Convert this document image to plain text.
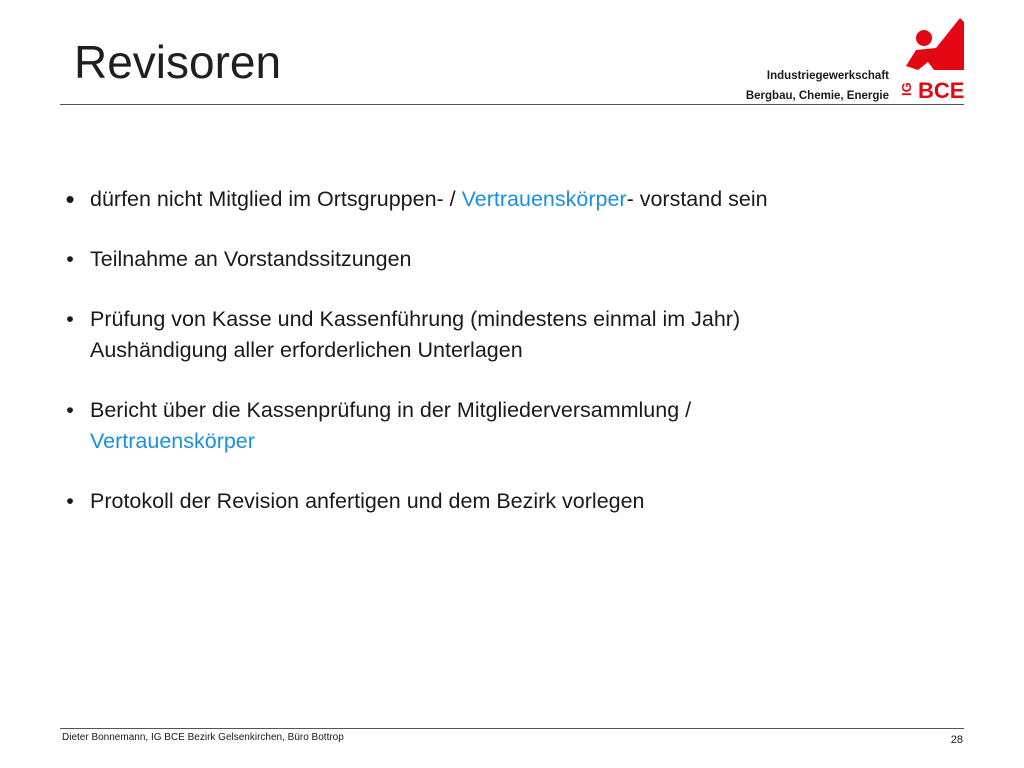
Revisoren	Industriegewerkschaft
Bergbau, Chemie, Energie IG BCE
• dürfen nicht Mitglied im Ortsgruppen- / Vertrauenskörper- vorstand sein
• Teilnahme an Vorstandssitzungen
• Prüfung von Kasse und Kassenführung (mindestens einmal im Jahr)
Aushändigung aller erforderlichen Unterlagen
• Bericht über die Kassenprüfung in der Mitgliederversammlung /
Vertrauenskörper
• Protokoll der Revision anfertigen und dem Bezirk vorlegen
Dieter Bonnemann, IG BCE Bezirk Gelsenkirchen, Büro Bottrop	28
